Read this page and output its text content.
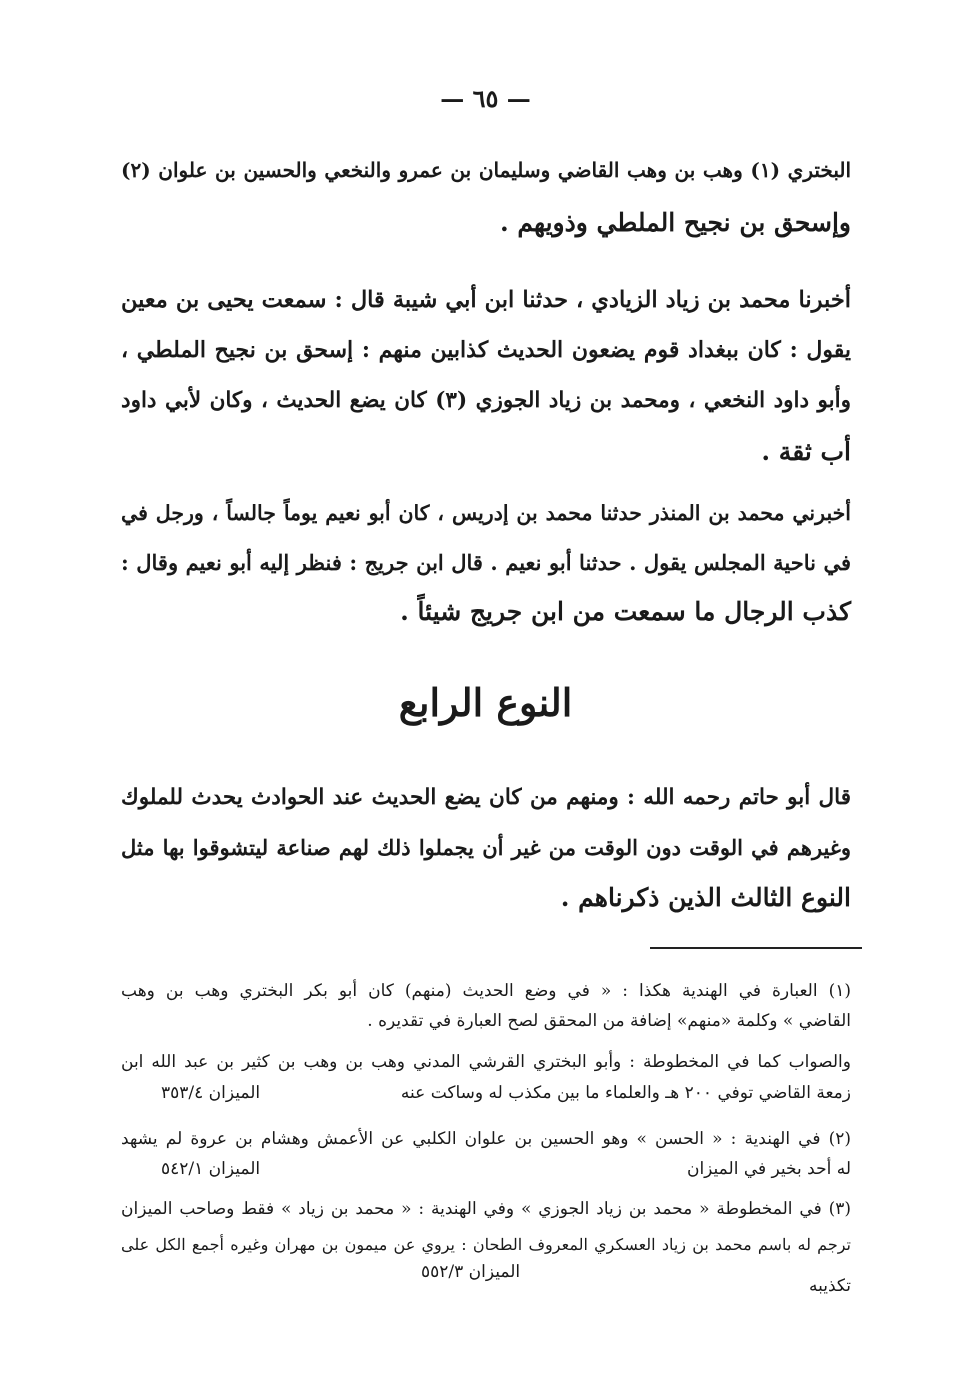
— ٦٥ —
البختري (١) وهب بن وهب القاضي وسليمان بن عمرو والنخعي والحسين بن علوان (٢)
وإسحق بن نجيح الملطي وذويهم .
أخبرنا محمد بن زياد الزيادي ، حدثنا ابن أبي شيبة قال : سمعت يحيى بن معين
يقول : كان ببغداد قوم يضعون الحديث كذابين منهم : إسحق بن نجيح الملطي ،
وأبو داود النخعي ، ومحمد بن زياد الجوزي (٣) كان يضع الحديث ، وكان لأبي داود
أب ثقة .
أخبرني محمد بن المنذر حدثنا محمد بن إدريس ، كان أبو نعيم يوماً جالساً ، ورجل في
في ناحية المجلس يقول . حدثنا أبو نعيم . قال ابن جريج : فنظر إليه أبو نعيم وقال :
كذب الرجال ما سمعت من ابن جريج شيئاً .
النوع الرابع
قال أبو حاتم رحمه الله : ومنهم من كان يضع الحديث عند الحوادث يحدث للملوك
وغيرهم في الوقت دون الوقت من غير أن يجملوا ذلك لهم صناعة ليتشوقوا بها مثل
النوع الثالث الذين ذكرناهم .
(١) العبارة في الهندية هكذا : « في وضع الحديث (منهم) كان أبو بكر البختري وهب بن وهب
القاضي » وكلمة «منهم» إضافة من المحقق لصح العبارة في تقديره .
والصواب كما في المخطوطة : وأبو البختري القرشي المدني وهب بن وهب بن كثير بن عبد الله ابن
زمعة القاضي توفي ٢٠٠ هـ والعلماء ما بين مكذب له وساكت عنه
الميزان ٣٥٣/٤
(٢) في الهندية : « الحسن » وهو الحسين بن علوان الكلبي عن الأعمش وهشام بن عروة لم يشهد
له أحد بخير في الميزان
الميزان ٥٤٢/١
(٣) في المخطوطة « محمد بن زياد الجوزي » وفي الهندية : « محمد بن زياد » فقط وصاحب الميزان
ترجم له باسم محمد بن زياد العسكري المعروف الطحان : يروي عن ميمون بن مهران وغيره أجمع الكل على
الميزان ٥٥٢/٣
تكذيبه
